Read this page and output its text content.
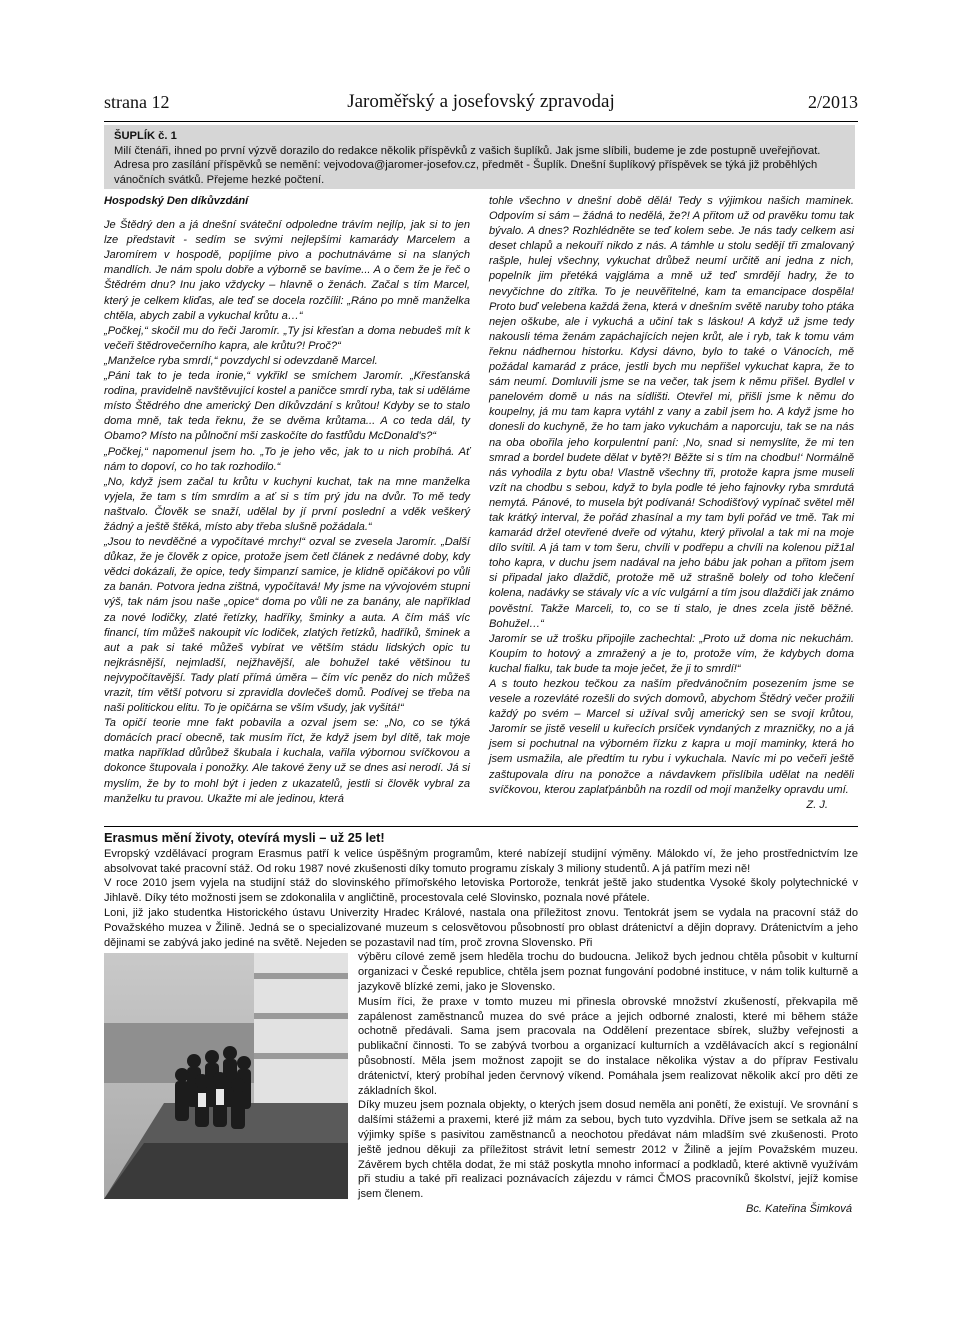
strana 12	Jaroměřský a josefovský zpravodaj	2/2013
ŠUPLÍK č. 1
Milí čtenáři, ihned po první výzvě dorazilo do redakce několik příspěvků z vašich šuplíků. Jak jsme slíbili, budeme je zde postupně uveřejňovat. Adresa pro zasílání příspěvků se nemění: vejvodova@jaromer-josefov.cz, předmět - Šuplík. Dnešní šuplíkový příspěvek se týká již proběhlých vánočních svátků. Přejeme hezké počtení.

Hospodský Den díkůvzdání

Je Štědrý den a já dnešní sváteční odpoledne trávím nejlíp, jak si to jen lze představit - sedím se svými nejlepšími kamarády Marcelem a Jaromírem v hospodě, popíjíme pivo a pochutnáváme si na slaných mandlích. Je nám spolu dobře a výborně se bavíme... A o čem že je řeč o Štědrém dnu? Inu jako vždycky – hlavně o ženách. Začal s tím Marcel, který je celkem kliďas, ale teď se docela rozčílil: „Ráno po mně manželka chtěla, abych zabil a vykuchal krůtu a…“

„Počkej,“ skočil mu do řeči Jaromír. „Ty jsi křesťan a doma nebudeš mít k večeři štědrovečerního kapra, ale krůtu?! Proč?“

„Manželce ryba smrdí,“ povzdychl si odevzdaně Marcel.

„Páni tak to je teda ironie,“ vykřikl se smíchem Jaromír. „Křesťanská rodina, pravidelně navštěvující kostel a paničce smrdí ryba, tak si uděláme místo Štědrého dne americký Den díkůvzdání s krůtou! Kdyby se to stalo doma mně, tak teda řeknu, že se dvěma krůtama... A co teda dál, ty Obamo? Místo na půlnoční mši zaskočíte do fastfůdu McDonald's?“

„Počkej,“ napomenul jsem ho. „To je jeho věc, jak to u nich probíhá. Ať nám to dopoví, co ho tak rozhodilo.“

„No, když jsem začal tu krůtu v kuchyni kuchat, tak na mne manželka vyjela, že tam s tím smrdím a ať si s tím prý jdu na dvůr. To mě tedy naštvalo. Člověk se snaží, udělal by jí první poslední a vděk veškerý žádný a ještě štěká, místo aby třeba slušně požádala.“

„Jsou to nevděčné a vypočítavé mrchy!“ ozval se zvesela Jaromír. „Další důkaz, že je člověk z opice, protože jsem četl článek z nedávné doby, kdy vědci dokázali, že opice, tedy šimpanzí samice, je klidně opičákovi po vůli za banán. Potvora jedna zištná, vypočítavá! My jsme na vývojovém stupni výš, tak nám jsou naše „opice“ doma po vůli ne za banány, ale například za nové lodičky, zlaté řetízky, hadříky, šminky a auta. A čím máš víc financí, tím můžeš nakoupit víc lodiček, zlatých řetízků, hadříků, šminek a aut a pak si také můžeš vybírat ve větším stádu lidských opic tu nejkrásnější, nejmladší, nejžhavější, ale bohužel také většinou tu nejvypočítavější. Tady platí přímá úměra – čím víc peněz do nich můžeš vrazit, tím větší potvoru si zpravidla dovlečeš domů. Podívej se třeba na naši politickou elitu. To je opičárna se vším všudy, jak vyšitá!“

Ta opičí teorie mne fakt pobavila a ozval jsem se: „No, co se týká domácích prací obecně, tak musím říct, že když jsem byl dítě, tak moje matka například důrůbež škubala i kuchala, vařila výbornou svíčkovou a dokonce štupovala i ponožky. Ale takové ženy už se dnes asi nerodí. Já si myslím, že by to mohl být i jeden z ukazatelů, jestli si člověk vybral za manželku tu pravou. Ukažte mi ale jedinou, která

tohle všechno v dnešní době dělá! Tedy s výjimkou našich maminek. Odpovím si sám – žádná to nedělá, že?! A přitom už od pravěku tomu tak bývalo. A dnes? Rozhlédněte se teď kolem sebe. Je nás tady celkem asi deset chlapů a nekouří nikdo z nás. A támhle u stolu sedějí tři zmalovaný rašple, hulej všechny, vykuchat drůbež neumí určitě ani jedna z nich, popelník jim přetéká vajgláma a mně už teď smrdějí hadry, že to nevyčichne do zítřka. To je neuvěřitelné, kam ta emancipace dospěla! Proto buď velebena každá žena, která v dnešním světě naruby toho ptáka nejen oškube, ale i vykuchá a učiní tak s láskou! A když už jsme tedy nakousli téma ženám zapáchajících nejen krůt, ale i ryb, tak k tomu vám řeknu nádhernou historku. Kdysi dávno, bylo to také o Vánocích, mě požádal kamarád z práce, jestli bych mu nepřišel vykuchat kapra, že to sám neumí. Domluvili jsme se na večer, tak jsem k němu přišel. Bydlel v panelovém domě u nás na sídlišti. Otevřel mi, přišli jsme k němu do koupelny, já mu tam kapra vytáhl z vany a zabil jsem ho. A když jsme ho donesli do kuchyně, že ho tam jako vykuchám a naporcuju, tak se na nás na oba obořila jeho korpulentní paní: ‚No, snad si nemyslíte, že mi ten smrad a bordel budete dělat v bytě?! Běžte si s tím na chodbu!‘ Normálně nás vyhodila z bytu oba! Vlastně všechny tři, protože kapra jsme museli vzít na chodbu s sebou, když to byla podle té jeho fajnovky ryba smrdutá nemytá. Pánové, to musela být podívaná! Schodišťový vypínač světel měl tak krátký interval, že pořád zhasínal a my tam byli pořád ve tmě. Tak mi kamarád držel otevřené dveře od výtahu, který přivolal a tak mi na moje dílo svítil. A já tam v tom šeru, chvíli v podřepu a chvíli na kolenou piž1al toho kapra, v duchu jsem nadával na jeho bábu jak pohan a přitom jsem si připadal jako dlaždič, protože mě už strašně bolely od toho klečení kolena, nadávky se stávaly víc a víc vulgární a tím jsou dlaždiči jak známo pověstní. Takže Marceli, to, co se ti stalo, je dnes zcela jistě běžné. Bohužel…“

Jaromír se už trošku připojile zachechtal: „Proto už doma nic nekuchám. Koupím to hotový a zmražený a je to, protože vím, že kdybych doma kuchal fialku, tak bude ta moje ječet, že ji to smrdí!“

A s touto hezkou tečkou za naším předvánočním posezením jsme se vesele a rozevláté rozešli do svých domovů, abychom Štědrý večer prožili každý po svém – Marcel si užíval svůj americký sen se svojí krůtou, Jaromír se jistě veselil u kuřecích prsíček vyndaných z mrazničky, no a já jsem si pochutnal na výborném řízku z kapra u mojí maminky, která ho jsem usmažila, ale předtím tu rybu i vykuchala. Navíc mi po večeři ještě zaštupovala díru na ponožce a návdavkem přislíbila udělat na neděli svíčkovou, kterou zaplaťpánbůh na rozdíl od mojí manželky opravdu umí.

Z. J.

Erasmus mění životy, otevírá mysli – už 25 let!

Evropský vzdělávací program Erasmus patří k velice úspěšným programům, které nabízejí studijní výměny. Málokdo ví, že jeho prostřednictvím lze absolvovat také pracovní stáž. Od roku 1987 nové zkušenosti díky tomuto programu získaly 3 miliony studentů. A já patřím mezi ně!

V roce 2010 jsem vyjela na studijní stáž do slovinského přímořského letoviska Portorože, tenkrát ještě jako studentka Vysoké školy polytechnické v Jihlavě. Díky této možnosti jsem se zdokonalila v angličtině, procestovala celé Slovinsko, poznala nové přátele.

Loni, již jako studentka Historického ústavu Univerzity Hradec Králové, nastala ona příležitost znovu. Tentokrát jsem se vydala na pracovní stáž do Považského muzea v Žilině. Jedná se o specializované muzeum s celosvětovou působností pro oblast drátenictví a dějin dopravy. Drátenictvím a jeho dějinami se zabývá jako jediné na světě. Nejeden se pozastavil nad tím, proč zrovna Slovensko. Při

výběru cílové země jsem hleděla trochu do budoucna. Jelikož bych jednou chtěla působit v kulturní organizaci v České republice, chtěla jsem poznat fungování podobné instituce, v nám tolik kulturně a jazykově blízké zemi, jako je Slovensko.

Musím říci, že praxe v tomto muzeu mi přinesla obrovské množství zkušeností, překvapila mě zapálenost zaměstnanců muzea do své práce a jejich odborné znalosti, které mi během stáže ochotně předávali. Sama jsem pracovala na Oddělení prezentace sbírek, služby veřejnosti a publikační činnosti. To se zabývá tvorbou a organizací kulturních a vzdělávacích akcí s regionální působností. Měla jsem možnost zapojit se do instalace několika výstav a do příprav Festivalu drátenictví, který probíhal jeden červnový víkend. Pomáhala jsem realizovat několik akcí pro děti ze základních škol.

Díky muzeu jsem poznala objekty, o kterých jsem dosud neměla ani ponětí, že existují. Ve srovnání s dalšími stážemi a praxemi, které již mám za sebou, bych tuto vyzdvihla. Dříve jsem se setkala až na výjimky spíše s pasivitou zaměstnanců a neochotou předávat nám mladším své zkušenosti. Proto ještě jednou děkuji za příležitost strávit letní semestr 2012 v Žilině a jejím Považském muzeu. Závěrem bych chtěla dodat, že mi stáž poskytla mnoho informací a podkladů, které aktivně využívám při studiu a také při realizaci poznávacích zájezdu v rámci ČMOS pracovníků školství, jejíž komise jsem členem.

Bc. Kateřina Šimková
